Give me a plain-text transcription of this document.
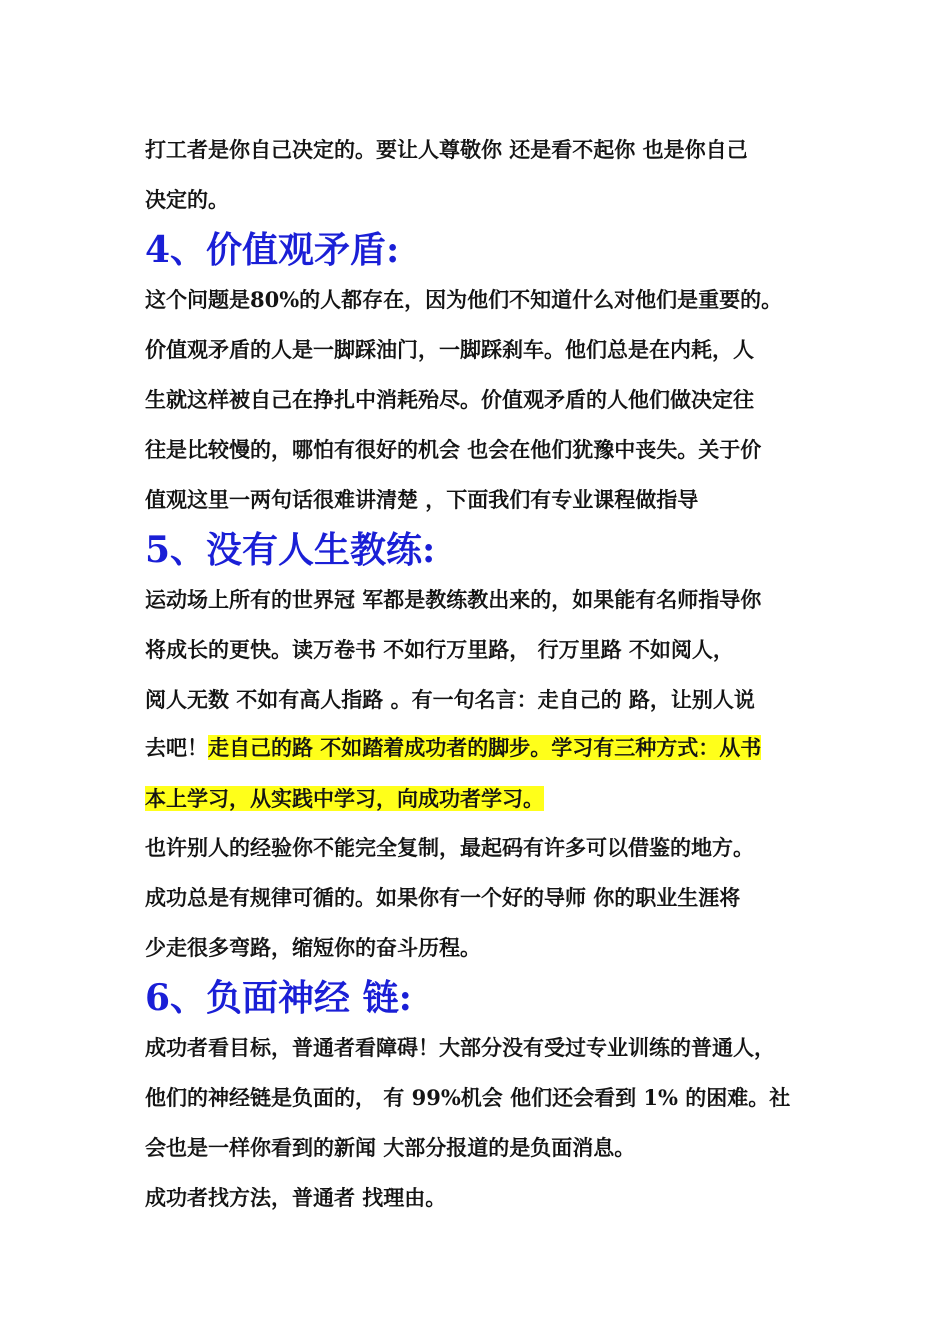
打工者是你自己决定的。要让人尊敬你 还是看不起你 也是你自己
决定的。
4、价值观矛盾:
这个问题是80%的人都存在，因为他们不知道什么对他们是重要的。
价值观矛盾的人是一脚踩油门，一脚踩刹车。他们总是在内耗，人
生就这样被自己在挣扎中消耗殆尽。价值观矛盾的人他们做决定往
往是比较慢的，哪怕有很好的机会 也会在他们犹豫中丧失。关于价
值观这里一两句话很难讲清楚 ，下面我们有专业课程做指导
5、没有人生教练:
运动场上所有的世界冠 军都是教练教出来的，如果能有名师指导你
将成长的更快。读万卷书 不如行万里路， 行万里路 不如阅人，
阅人无数 不如有高人指路 。有一句名言：走自己的 路，让别人说
去吧！走自己的路 不如踏着成功者的脚步。学习有三种方式：从书
本上学习，从实践中学习，向成功者学习。
也许别人的经验你不能完全复制，最起码有许多可以借鉴的地方。
成功总是有规律可循的。如果你有一个好的导师 你的职业生涯将
少走很多弯路，缩短你的奋斗历程。
6、负面神经 链:
成功者看目标，普通者看障碍！大部分没有受过专业训练的普通人，
他们的神经链是负面的， 有 99%机会 他们还会看到 1% 的困难。社
会也是一样你看到的新闻 大部分报道的是负面消息。
成功者找方法，普通者 找理由。
